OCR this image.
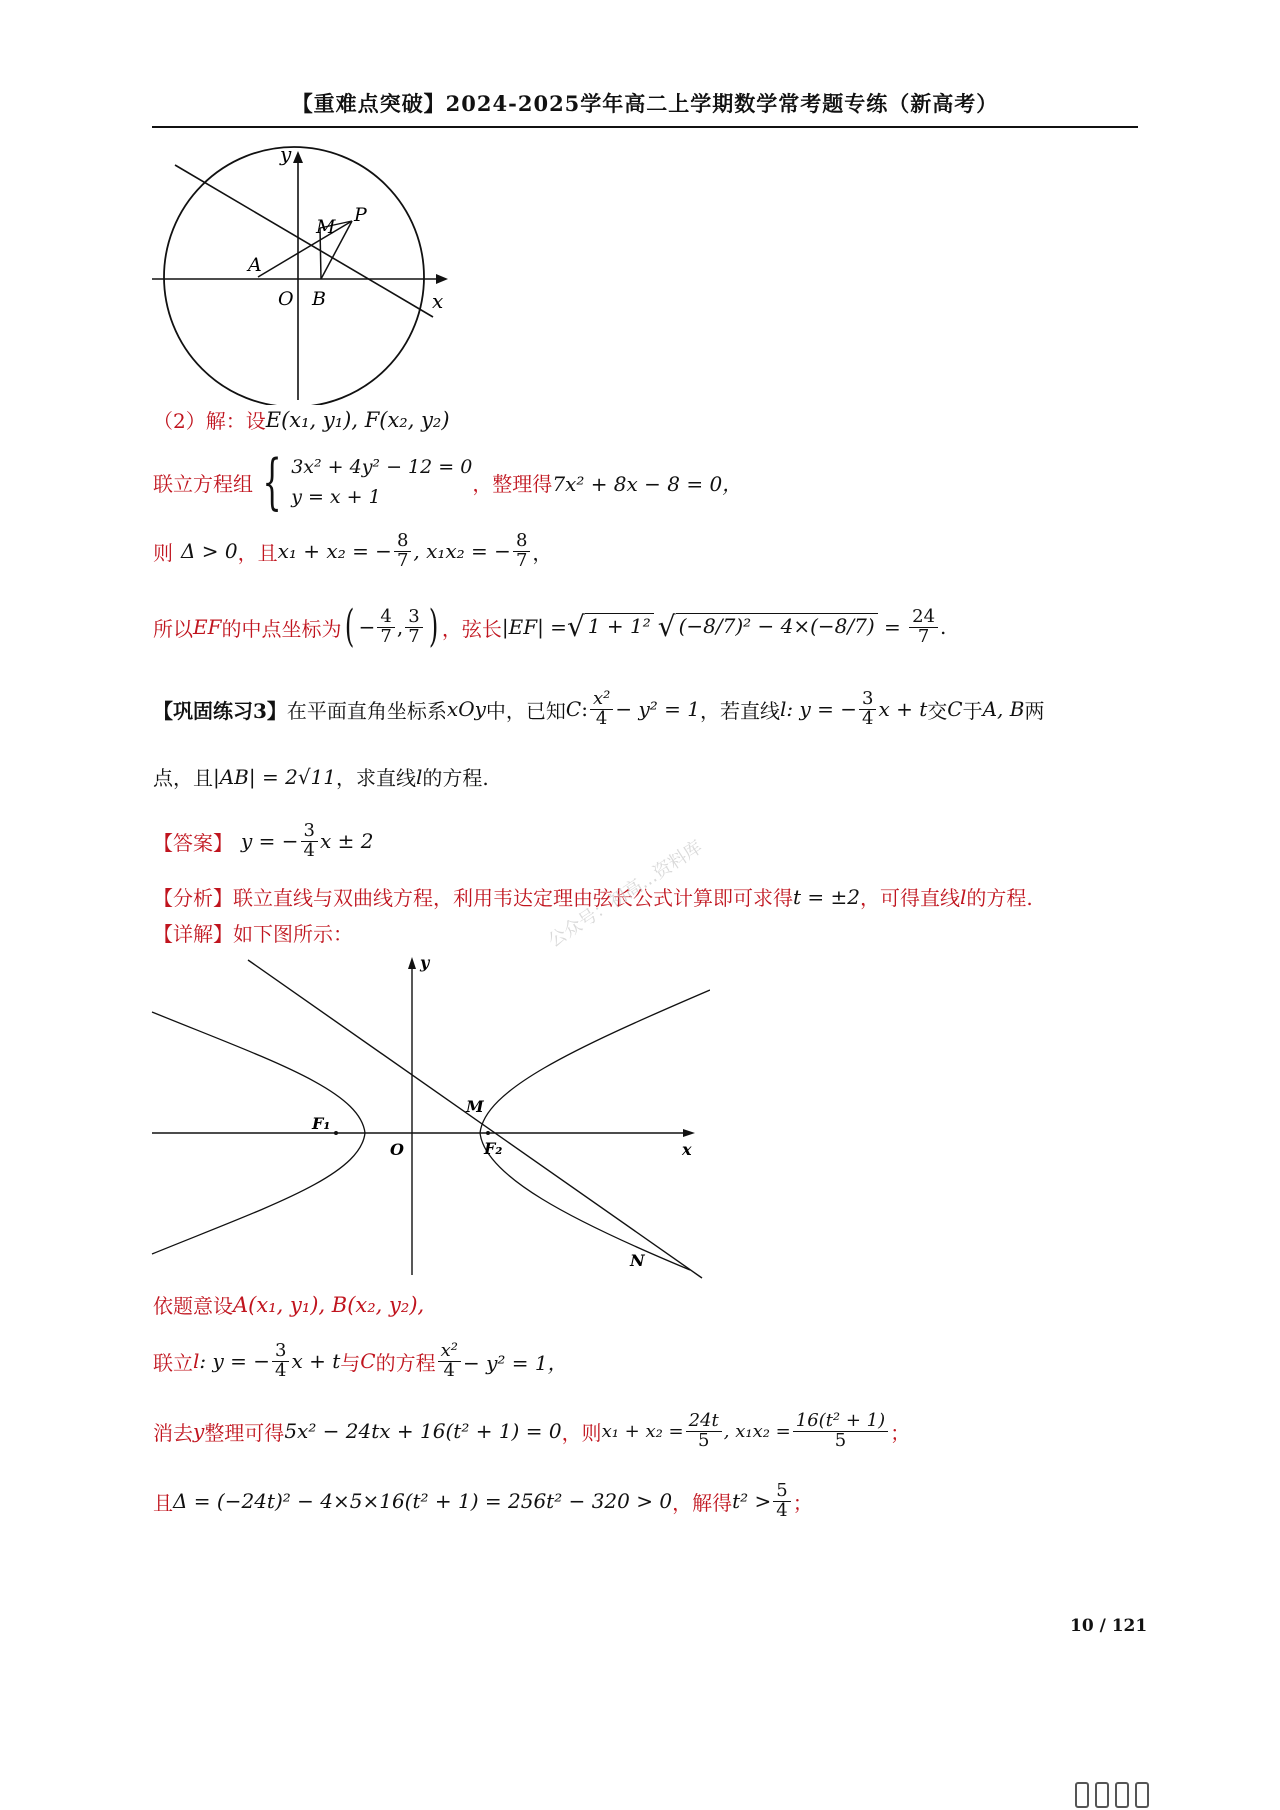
【重难点突破】2024-2025学年高二上学期数学常考题专练（新高考）
y
x
P
M
A
O B
（2）解：设 E(x₁, y₁), F(x₂, y₂)
联立方程组 { 3x² + 4y² − 12 = 0
y = x + 1
，整理得 7x² + 8x − 8 = 0，
则 Δ > 0 ，且 x₁ + x₂ = − $\frac{8}{7}$ , x₁x₂ = − $\frac{8}{7}$ ，
所以 EF 的中点坐标为 ( − $\frac{4}{7}$ , $\frac{3}{7}$ ) ，弦长 |EF| = √ 1 + 1² √ $(-8/7)^2 - 4\times(-8/7) = \frac{24}{7}$ .
【巩固练习3】 在平面直角坐标系 xOy 中，已知 C : $\frac{\text{x²}}{4} - y^2 = 1$ ，若直线 l : y = − $\frac{3}{4}$ x + t 交 C 于 A, B 两
点，且 |AB| = 2√11 ，求直线 l 的方程.
【答案】 y = − $\frac{3}{4}$ x ± 2
【分析】 联立直线与双曲线方程，利用韦达定理由弦长公式计算即可求得 t = ±2 ，可得直线 l 的方程.
【详解】 如下图所示：	公众号：初高...资料库
y
x
O
F₁
F₂
M
N
依题意设 A(x₁, y₁), B(x₂, y₂),
联立 l : y = − $\frac{3}{4}$ x + t 与 C 的方程 $\frac{\text{x²}}{4} - y^2 = 1$，
消去 y 整理可得 5x² − 24tx + 16(t² + 1) = 0 ，则 $x_1 + x_2 = \frac{24t}{5}$ , $x_1x_2 = \frac{\text{16(t² + 1)}}{5}$ ；
且 Δ = (−24t)² − 4×5×16(t² + 1) = 256t² − 320 > 0 ，解得 $t^2 > \frac{5}{4}$ ；
10 / 121
